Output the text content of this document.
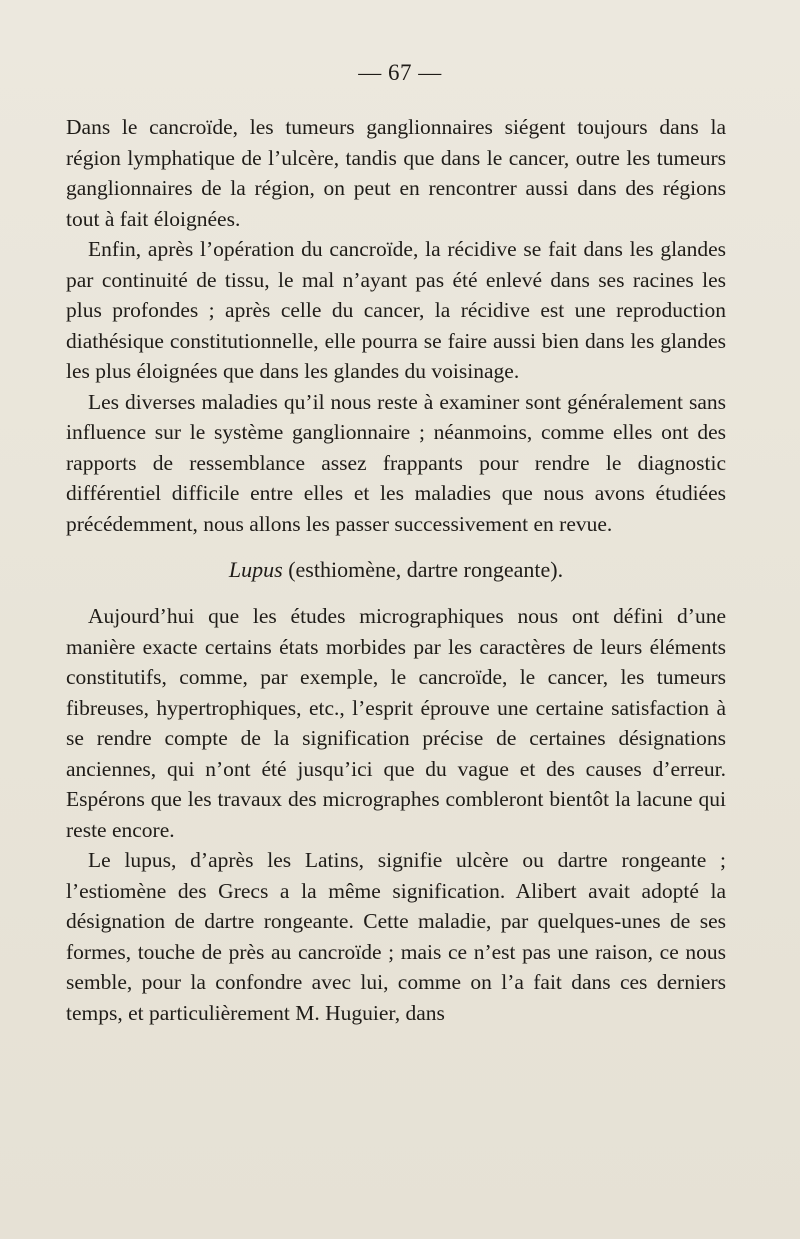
— 67 —

Dans le cancroïde, les tumeurs ganglionnaires siégent toujours dans la région lymphatique de l’ulcère, tandis que dans le cancer, outre les tumeurs ganglionnaires de la région, on peut en rencontrer aussi dans des régions tout à fait éloignées.

Enfin, après l’opération du cancroïde, la récidive se fait dans les glandes par continuité de tissu, le mal n’ayant pas été enlevé dans ses racines les plus profondes ; après celle du cancer, la récidive est une reproduction diathésique constitutionnelle, elle pourra se faire aussi bien dans les glandes les plus éloignées que dans les glandes du voisinage.

Les diverses maladies qu’il nous reste à examiner sont généralement sans influence sur le système ganglionnaire ; néanmoins, comme elles ont des rapports de ressemblance assez frappants pour rendre le diagnostic différentiel difficile entre elles et les maladies que nous avons étudiées précédemment, nous allons les passer successivement en revue.

Lupus (esthiomène, dartre rongeante).

Aujourd’hui que les études micrographiques nous ont défini d’une manière exacte certains états morbides par les caractères de leurs éléments constitutifs, comme, par exemple, le cancroïde, le cancer, les tumeurs fibreuses, hypertrophiques, etc., l’esprit éprouve une certaine satisfaction à se rendre compte de la signification précise de certaines désignations anciennes, qui n’ont été jusqu’ici que du vague et des causes d’erreur. Espérons que les travaux des micrographes combleront bientôt la lacune qui reste encore.

Le lupus, d’après les Latins, signifie ulcère ou dartre rongeante ; l’estiomène des Grecs a la même signification. Alibert avait adopté la désignation de dartre rongeante. Cette maladie, par quelques-unes de ses formes, touche de près au cancroïde ; mais ce n’est pas une raison, ce nous semble, pour la confondre avec lui, comme on l’a fait dans ces derniers temps, et particulièrement M. Huguier, dans
